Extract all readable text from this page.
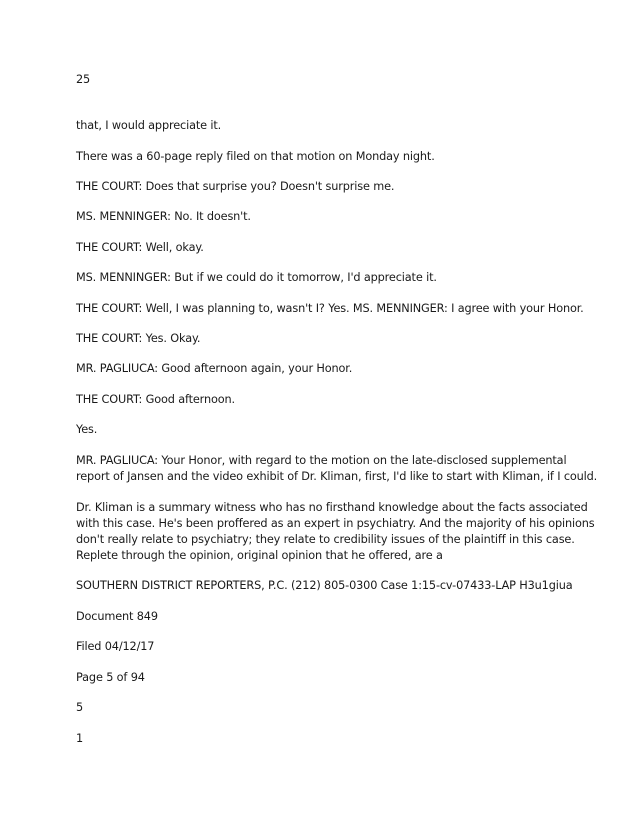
25

that, I would appreciate it.

There was a 60-page reply filed on that motion on Monday night.

THE COURT: Does that surprise you? Doesn't surprise me.

MS. MENNINGER: No. It doesn't.

THE COURT: Well, okay.

MS. MENNINGER: But if we could do it tomorrow, I'd appreciate it.

THE COURT: Well, I was planning to, wasn't I? Yes. MS. MENNINGER: I agree with your Honor.

THE COURT: Yes. Okay.

MR. PAGLIUCA: Good afternoon again, your Honor.

THE COURT: Good afternoon.

Yes.

MR. PAGLIUCA: Your Honor, with regard to the motion on the late-disclosed supplemental

report of Jansen and the video exhibit of Dr. Kliman, first, I'd like to start with Kliman, if I could.

Dr. Kliman is a summary witness who has no firsthand knowledge about the facts associated

with this case. He's been proffered as an expert in psychiatry. And the majority of his opinions

don't really relate to psychiatry; they relate to credibility issues of the plaintiff in this case.

Replete through the opinion, original opinion that he offered, are a

SOUTHERN DISTRICT REPORTERS, P.C. (212) 805-0300 Case 1:15-cv-07433-LAP H3u1giua

Document 849

Filed 04/12/17

Page 5 of 94

5

1
